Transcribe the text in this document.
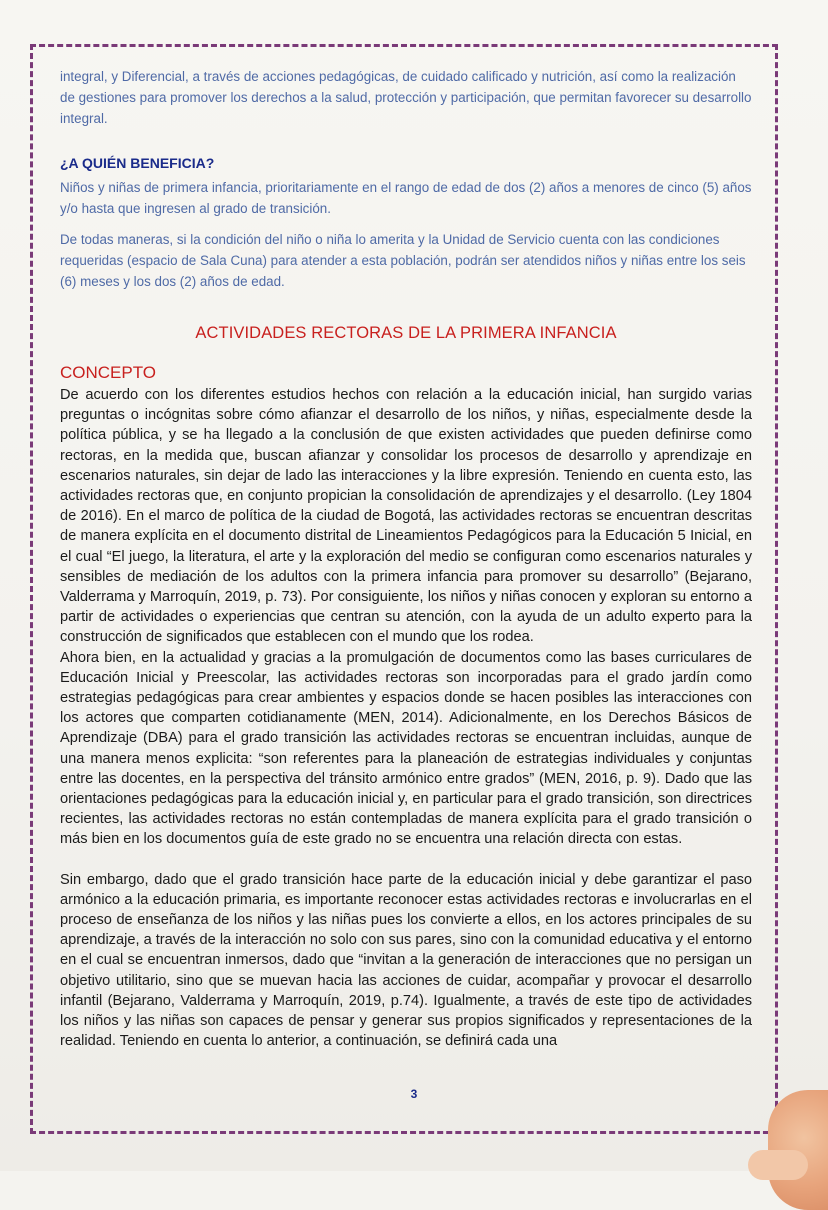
integral, y Diferencial, a través de acciones pedagógicas, de cuidado calificado y nutrición, así como la realización de gestiones para promover los derechos a la salud, protección y participación, que permitan favorecer su desarrollo integral.

¿A QUIÉN BENEFICIA?

Niños y niñas de primera infancia, prioritariamente en el rango de edad de dos (2) años a menores de cinco (5) años y/o hasta que ingresen al grado de transición.

De todas maneras, si la condición del niño o niña lo amerita y la Unidad de Servicio cuenta con las condiciones requeridas (espacio de Sala Cuna) para atender a esta población, podrán ser atendidos niños y niñas entre los seis (6) meses y los dos (2) años de edad.

ACTIVIDADES RECTORAS DE LA PRIMERA INFANCIA
CONCEPTO

De acuerdo con los diferentes estudios hechos con relación a la educación inicial, han surgido varias preguntas o incógnitas sobre cómo afianzar el desarrollo de los niños, y niñas, especialmente desde la política pública, y se ha llegado a la conclusión de que existen actividades que pueden definirse como rectoras, en la medida que, buscan afianzar y consolidar los procesos de desarrollo y aprendizaje en escenarios naturales, sin dejar de lado las interacciones y la libre expresión. Teniendo en cuenta esto, las actividades rectoras que, en conjunto propician la consolidación de aprendizajes y el desarrollo. (Ley 1804 de 2016). En el marco de política de la ciudad de Bogotá, las actividades rectoras se encuentran descritas de manera explícita en el documento distrital de Lineamientos Pedagógicos para la Educación 5 Inicial, en el cual “El juego, la literatura, el arte y la exploración del medio se configuran como escenarios naturales y sensibles de mediación de los adultos con la primera infancia para promover su desarrollo” (Bejarano, Valderrama y Marroquín, 2019, p. 73). Por consiguiente, los niños y niñas conocen y exploran su entorno a partir de actividades o experiencias que centran su atención, con la ayuda de un adulto experto para la construcción de significados que establecen con el mundo que los rodea.

Ahora bien, en la actualidad y gracias a la promulgación de documentos como las bases curriculares de Educación Inicial y Preescolar, las actividades rectoras son incorporadas para el grado jardín como estrategias pedagógicas para crear ambientes y espacios donde se hacen posibles las interacciones con los actores que comparten cotidianamente (MEN, 2014). Adicionalmente, en los Derechos Básicos de Aprendizaje (DBA) para el grado transición las actividades rectoras se encuentran incluidas, aunque de una manera menos explicita: “son referentes para la planeación de estrategias individuales y conjuntas entre las docentes, en la perspectiva del tránsito armónico entre grados” (MEN, 2016, p. 9). Dado que las orientaciones pedagógicas para la educación inicial y, en particular para el grado transición, son directrices recientes, las actividades rectoras no están contempladas de manera explícita para el grado transición o más bien en los documentos guía de este grado no se encuentra una relación directa con estas.

Sin embargo, dado que el grado transición hace parte de la educación inicial y debe garantizar el paso armónico a la educación primaria, es importante reconocer estas actividades rectoras e involucrarlas en el proceso de enseñanza de los niños y las niñas pues los convierte a ellos, en los actores principales de su aprendizaje, a través de la interacción no solo con sus pares, sino con la comunidad educativa y el entorno en el cual se encuentran inmersos, dado que “invitan a la generación de interacciones que no persigan un objetivo utilitario, sino que se muevan hacia las acciones de cuidar, acompañar y provocar el desarrollo infantil (Bejarano, Valderrama y Marroquín, 2019, p.74). Igualmente, a través de este tipo de actividades los niños y las niñas son capaces de pensar y generar sus propios significados y representaciones de la realidad. Teniendo en cuenta lo anterior, a continuación, se definirá cada una

3
